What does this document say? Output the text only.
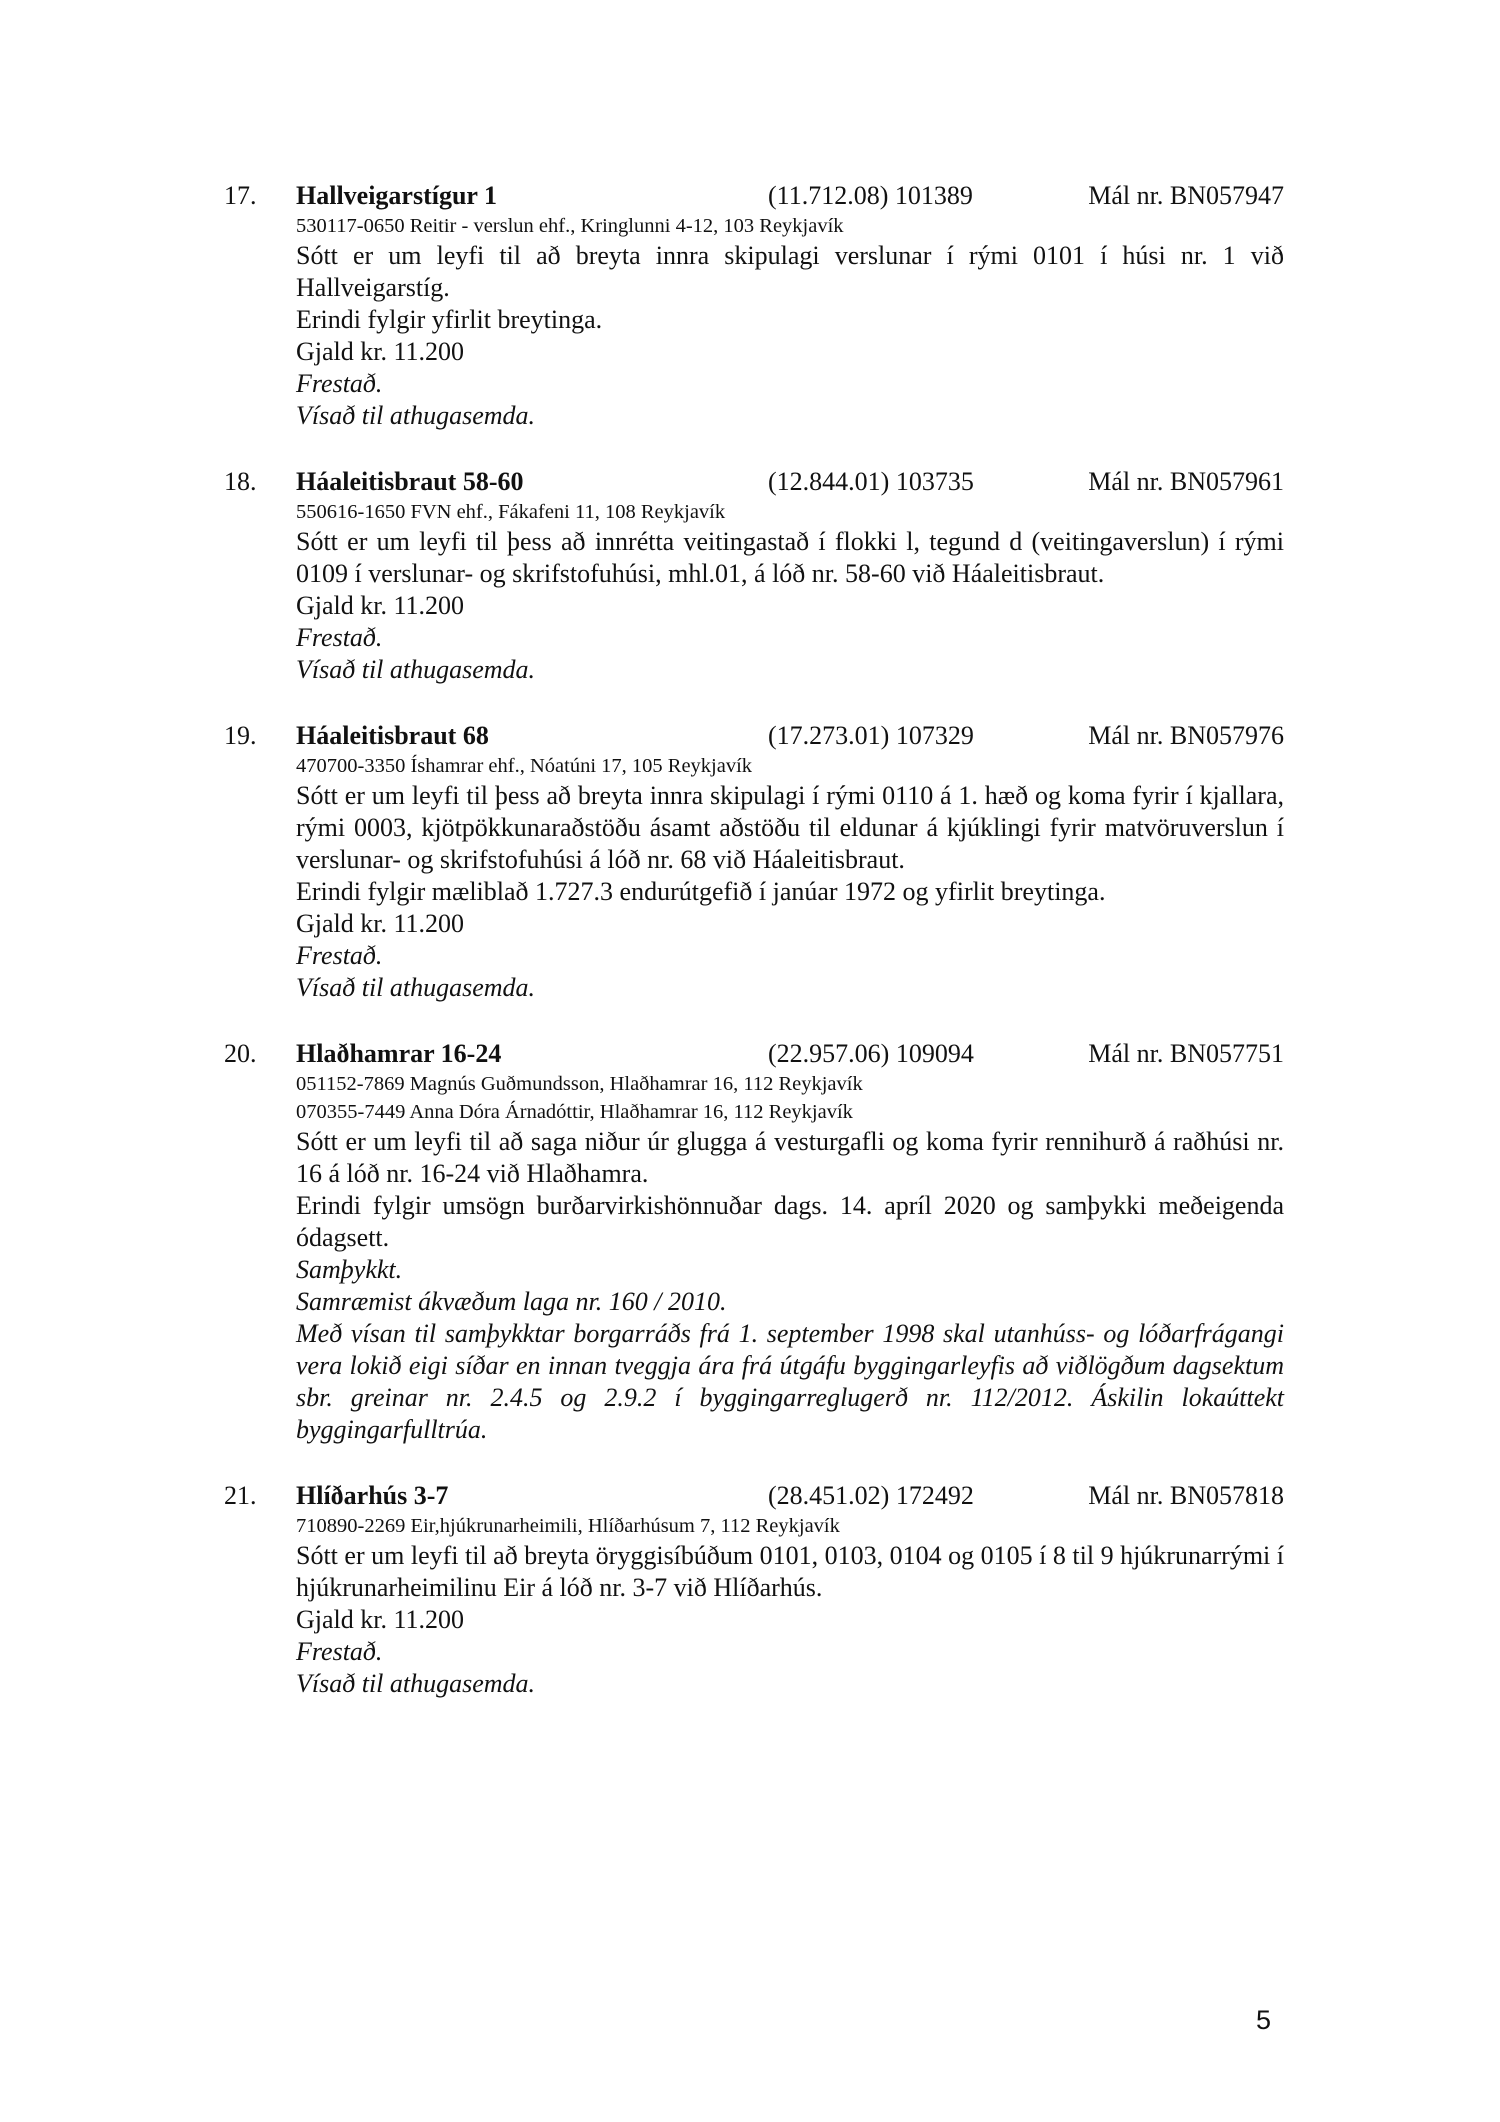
17.	Hallveigarstígur 1	(11.712.08) 101389	Mál nr. BN057947
530117-0650 Reitir - verslun ehf., Kringlunni 4-12, 103 Reykjavík

Sótt er um leyfi til að breyta innra skipulagi verslunar í rými 0101 í húsi nr. 1 við Hallveigarstíg.

Erindi fylgir yfirlit breytinga.
Gjald kr. 11.200
Frestað.
Vísað til athugasemda.
18.	Háaleitisbraut 58-60	(12.844.01) 103735	Mál nr. BN057961
550616-1650 FVN ehf., Fákafeni 11, 108 Reykjavík

Sótt er um leyfi til þess að innrétta veitingastað í flokki l, tegund d (veitingaverslun) í rými 0109 í verslunar- og skrifstofuhúsi, mhl.01, á lóð nr. 58-60 við Háaleitisbraut.

Gjald kr. 11.200
Frestað.
Vísað til athugasemda.
19.	Háaleitisbraut 68	(17.273.01) 107329	Mál nr. BN057976
470700-3350 Íshamrar ehf., Nóatúni 17, 105 Reykjavík

Sótt er um leyfi til þess að breyta innra skipulagi í rými 0110 á 1. hæð og koma fyrir í kjallara, rými 0003, kjötpökkunaraðstöðu ásamt aðstöðu til eldunar á kjúklingi fyrir matvöruverslun í verslunar- og skrifstofuhúsi á lóð nr. 68 við Háaleitisbraut.

Erindi fylgir mæliblað 1.727.3 endurútgefið í janúar 1972 og yfirlit breytinga.
Gjald kr. 11.200
Frestað.
Vísað til athugasemda.
20.	Hlaðhamrar 16-24	(22.957.06) 109094	Mál nr. BN057751
051152-7869 Magnús Guðmundsson, Hlaðhamrar 16, 112 Reykjavík
070355-7449 Anna Dóra Árnadóttir, Hlaðhamrar 16, 112 Reykjavík

Sótt er um leyfi til að saga niður úr glugga á vesturgafli og koma fyrir rennihurð á raðhúsi nr. 16 á lóð nr. 16-24 við Hlaðhamra.

Erindi fylgir umsögn burðarvirkishönnuðar dags. 14. apríl 2020 og samþykki meðeigenda ódagsett.

Samþykkt.
Samræmist ákvæðum laga nr. 160 / 2010.

Með vísan til samþykktar borgarráðs frá 1. september 1998 skal utanhúss- og lóðarfrágangi vera lokið eigi síðar en innan tveggja ára frá útgáfu byggingarleyfis að viðlögðum dagsektum sbr. greinar nr. 2.4.5 og 2.9.2 í byggingarreglugerð nr. 112/2012. Áskilin lokaúttekt byggingarfulltrúa.

21.	Hlíðarhús 3-7	(28.451.02) 172492	Mál nr. BN057818
710890-2269 Eir,hjúkrunarheimili, Hlíðarhúsum 7, 112 Reykjavík

Sótt er um leyfi til að breyta öryggisíbúðum 0101, 0103, 0104 og 0105 í 8 til 9 hjúkrunarrými í hjúkrunarheimilinu Eir á lóð nr. 3-7 við Hlíðarhús.

Gjald kr. 11.200
Frestað.
Vísað til athugasemda.
5
